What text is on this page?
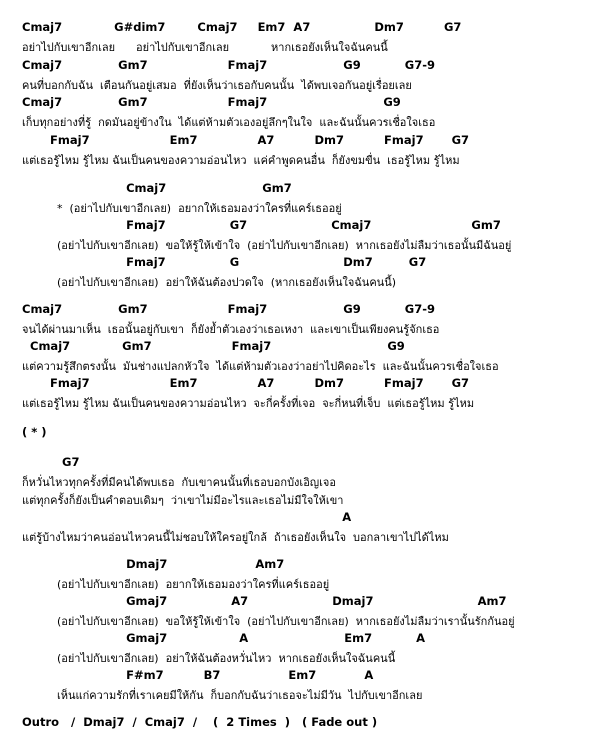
Cmaj7             G#dim7        Cmaj7     Em7  A7                Dm7          G7
อย่าไปกับเขาอีกเลย      อย่าไปกับเขาอีกเลย            หากเธอยังเห็นใจฉันคนนี้
Cmaj7              Gm7                    Fmaj7                   G9           G7-9
คนที่บอกกับฉัน  เตือนกันอยู่เสมอ  ที่ยังเห็นว่าเธอกับคนนั้น  ได้พบเจอกันอยู่เรื่อยเลย
Cmaj7              Gm7                    Fmaj7                             G9
เก็บทุกอย่างที่รู้  กดมันอยู่ข้างใน  ได้แต่ห้ามตัวเองอยู่ลึกๆในใจ  และฉันนั้นควรเชื่อใจเธอ
Fmaj7                    Em7               A7          Dm7          Fmaj7       G7
แต่เธอรู้ไหม รู้ไหม ฉันเป็นคนของความอ่อนไหว  แค่คำพูดคนอื่น  ก็ยังขมขื่น  เธอรู้ไหม รู้ไหม
Cmaj7                        Gm7
*  (อย่าไปกับเขาอีกเลย)  อยากให้เธอมองว่าใครที่แคร์เธออยู่
Fmaj7                G7                     Cmaj7                         Gm7
(อย่าไปกับเขาอีกเลย)  ขอให้รู้ให้เข้าใจ  (อย่าไปกับเขาอีกเลย)  หากเธอยังไม่ลืมว่าเธอนั้นมีฉันอยู่
Fmaj7                G                          Dm7         G7
(อย่าไปกับเขาอีกเลย)  อย่าให้ฉันต้องปวดใจ  (หากเธอยังเห็นใจฉันคนนี้)
Cmaj7              Gm7                    Fmaj7                   G9           G7-9
จนได้ผ่านมาเห็น  เธอนั้นอยู่กับเขา  ก็ยังย้ำตัวเองว่าเธอเหงา  และเขาเป็นเพียงคนรู้จักเธอ
Cmaj7             Gm7                    Fmaj7                             G9
แต่ความรู้สึกตรงนั้น  มันช่างแปลกหัวใจ  ได้แต่ห้ามตัวเองว่าอย่าไปคิดอะไร  และฉันนั้นควรเชื่อใจเธอ
Fmaj7                    Em7               A7          Dm7          Fmaj7       G7
แต่เธอรู้ไหม รู้ไหม ฉันเป็นคนของความอ่อนไหว  จะกี่ครั้งที่เจอ  จะกี่หนที่เจ็บ  แต่เธอรู้ไหม รู้ไหม
( * )
G7
ก็หวั่นไหวทุกครั้งที่มีคนได้พบเธอ  กับเขาคนนั้นที่เธอบอกบังเอิญเจอ
แต่ทุกครั้งก็ยังเป็นคำตอบเดิมๆ  ว่าเขาไม่มีอะไรและเธอไม่มีใจให้เขา
A
แต่รู้บ้างไหมว่าคนอ่อนไหวคนนี้ไม่ชอบให้ใครอยู่ใกล้  ถ้าเธอยังเห็นใจ  บอกลาเขาไปได้ไหม
Dmaj7                      Am7
(อย่าไปกับเขาอีกเลย)  อยากให้เธอมองว่าใครที่แคร์เธออยู่
Gmaj7                A7                     Dmaj7                          Am7
(อย่าไปกับเขาอีกเลย)  ขอให้รู้ให้เข้าใจ  (อย่าไปกับเขาอีกเลย)  หากเธอยังไม่ลืมว่าเรานั้นรักกันอยู่
Gmaj7                  A                        Em7           A
(อย่าไปกับเขาอีกเลย)  อย่าให้ฉันต้องหวั่นไหว  หากเธอยังเห็นใจฉันคนนี้
F#m7          B7                 Em7            A
เห็นแก่ความรักที่เราเคยมีให้กัน  ก็บอกกับฉันว่าเธอจะไม่มีวัน  ไปกับเขาอีกเลย
Outro   /  Dmaj7  /  Cmaj7  /    (  2 Times  )   ( Fade out )
